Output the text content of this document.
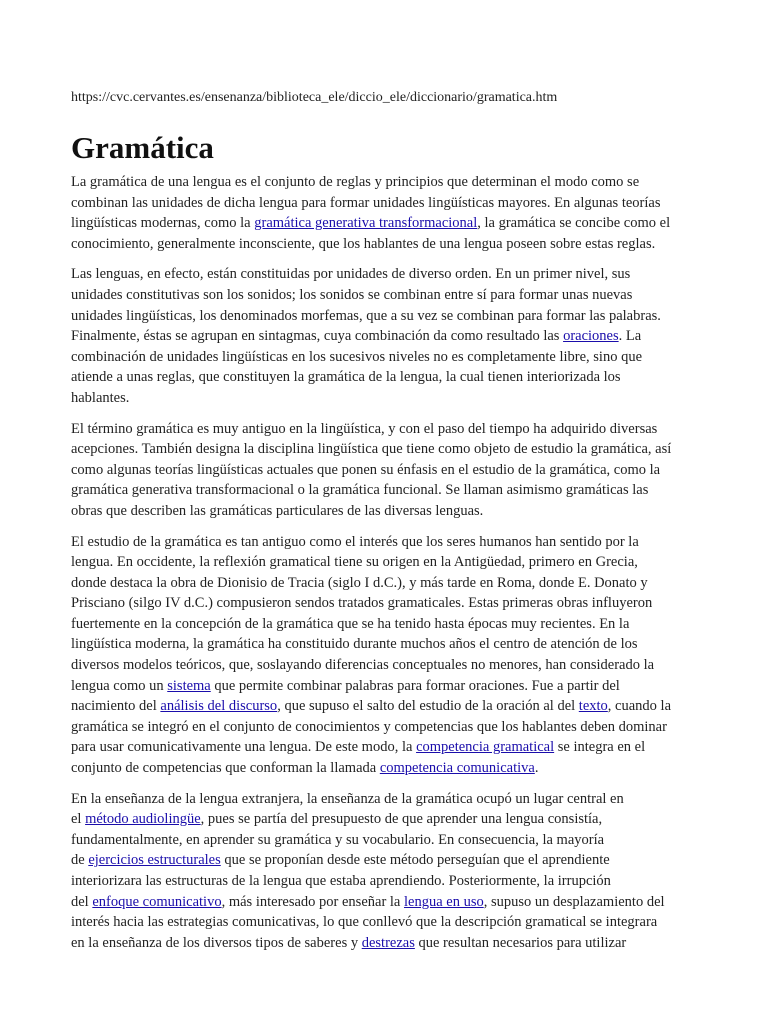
https://cvc.cervantes.es/ensenanza/biblioteca_ele/diccio_ele/diccionario/gramatica.htm

Gramática

La gramática de una lengua es el conjunto de reglas y principios que determinan el modo como se
combinan las unidades de dicha lengua para formar unidades lingüísticas mayores. En algunas teorías
lingüísticas modernas, como la gramática generativa transformacional, la gramática se concibe como el
conocimiento, generalmente inconsciente, que los hablantes de una lengua poseen sobre estas reglas.

Las lenguas, en efecto, están constituidas por unidades de diverso orden. En un primer nivel, sus
unidades constitutivas son los sonidos; los sonidos se combinan entre sí para formar unas nuevas
unidades lingüísticas, los denominados morfemas, que a su vez se combinan para formar las palabras.
Finalmente, éstas se agrupan en sintagmas, cuya combinación da como resultado las oraciones. La
combinación de unidades lingüísticas en los sucesivos niveles no es completamente libre, sino que
atiende a unas reglas, que constituyen la gramática de la lengua, la cual tienen interiorizada los
hablantes.

El término gramática es muy antiguo en la lingüística, y con el paso del tiempo ha adquirido diversas
acepciones. También designa la disciplina lingüística que tiene como objeto de estudio la gramática, así
como algunas teorías lingüísticas actuales que ponen su énfasis en el estudio de la gramática, como la
gramática generativa transformacional o la gramática funcional. Se llaman asimismo gramáticas las
obras que describen las gramáticas particulares de las diversas lenguas.

El estudio de la gramática es tan antiguo como el interés que los seres humanos han sentido por la
lengua. En occidente, la reflexión gramatical tiene su origen en la Antigüedad, primero en Grecia,
donde destaca la obra de Dionisio de Tracia (siglo I d.C.), y más tarde en Roma, donde E. Donato y
Prisciano (silgo IV d.C.) compusieron sendos tratados gramaticales. Estas primeras obras influyeron
fuertemente en la concepción de la gramática que se ha tenido hasta épocas muy recientes. En la
lingüística moderna, la gramática ha constituido durante muchos años el centro de atención de los
diversos modelos teóricos, que, soslayando diferencias conceptuales no menores, han considerado la
lengua como un sistema que permite combinar palabras para formar oraciones. Fue a partir del
nacimiento del análisis del discurso, que supuso el salto del estudio de la oración al del texto, cuando la
gramática se integró en el conjunto de conocimientos y competencias que los hablantes deben dominar
para usar comunicativamente una lengua. De este modo, la competencia gramatical se integra en el
conjunto de competencias que conforman la llamada competencia comunicativa.

En la enseñanza de la lengua extranjera, la enseñanza de la gramática ocupó un lugar central en
el método audiolingüe, pues se partía del presupuesto de que aprender una lengua consistía,
fundamentalmente, en aprender su gramática y su vocabulario. En consecuencia, la mayoría
de ejercicios estructurales que se proponían desde este método perseguían que el aprendiente
interiorizara las estructuras de la lengua que estaba aprendiendo. Posteriormente, la irrupción
del enfoque comunicativo, más interesado por enseñar la lengua en uso, supuso un desplazamiento del
interés hacia las estrategias comunicativas, lo que conllevó que la descripción gramatical se integrara
en la enseñanza de los diversos tipos de saberes y destrezas que resultan necesarios para utilizar
